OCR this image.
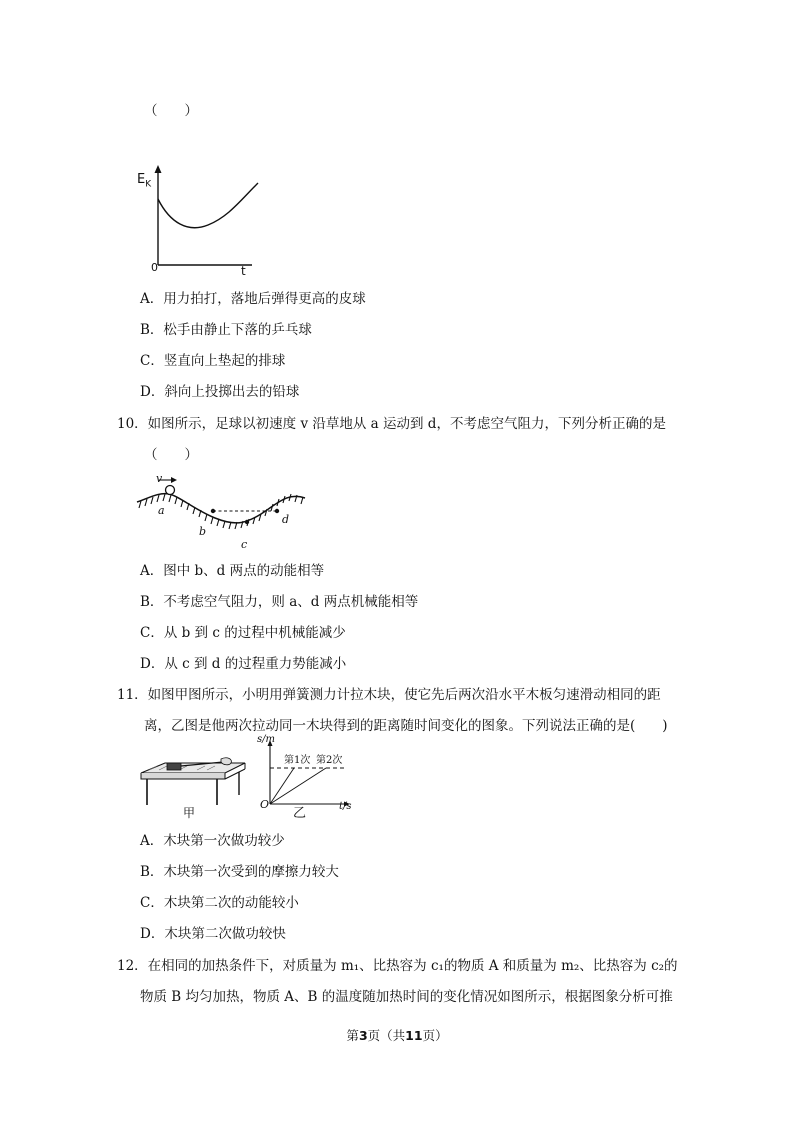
（　　）
$E_K$
t
0
A．用力拍打，落地后弹得更高的皮球
B．松手由静止下落的乒乓球
C．竖直向上垫起的排球
D．斜向上投掷出去的铅球
10．如图所示，足球以初速度 v 沿草地从 a 运动到 d，不考虑空气阻力，下列分析正确的是
（　　）
v
a
b
c
d
A．图中 b、d 两点的动能相等
B．不考虑空气阻力，则 a、d 两点机械能相等
C．从 b 到 c 的过程中机械能减少
D．从 c 到 d 的过程重力势能减小
11．如图甲图所示，小明用弹簧测力计拉木块，使它先后两次沿水平木板匀速滑动相同的距
离，乙图是他两次拉动同一木块得到的距离随时间变化的图象。下列说法正确的是(　　)
甲
s/m
t/s
O
第1次 第2次
乙
A．木块第一次做功较少
B．木块第一次受到的摩擦力较大
C．木块第二次的动能较小
D．木块第二次做功较快
12．在相同的加热条件下，对质量为 m₁、比热容为 c₁的物质 A 和质量为 m₂、比热容为 c₂的
物质 B 均匀加热，物质 A、B 的温度随加热时间的变化情况如图所示，根据图象分析可推
第3页（共11页）
